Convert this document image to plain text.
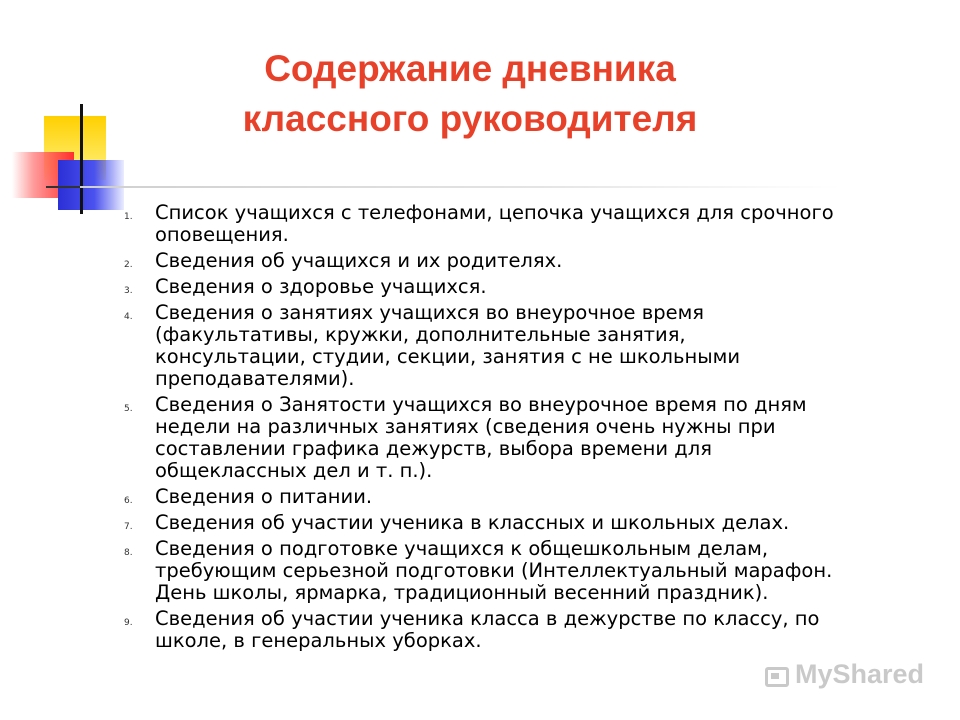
Содержание дневника
классного руководителя
1.	Список учащихся с телефонами, цепочка учащихся для срочного
оповещения.
2.	Сведения об учащихся и их родителях.
3.	Сведения о здоровье учащихся.
4.	Сведения о занятиях учащихся во внеурочное время
(факультативы, кружки, дополнительные занятия,
консультации, студии, секции, занятия с не школьными
преподавателями).
5.	Сведения о Занятости учащихся во внеурочное время по дням
недели на различных занятиях (сведения очень нужны при
составлении графика дежурств, выбора времени для
общеклассных дел и т. п.).
6.	Сведения о питании.
7.	Сведения об участии ученика в классных и школьных делах.
8.	Сведения о подготовке учащихся к общешкольным делам,
требующим серьезной подготовки (Интеллектуальный марафон.
День школы, ярмарка, традиционный весенний праздник).
9.	Сведения об участии ученика класса в дежурстве по классу, по
школе, в генеральных уборках.
MyShared
